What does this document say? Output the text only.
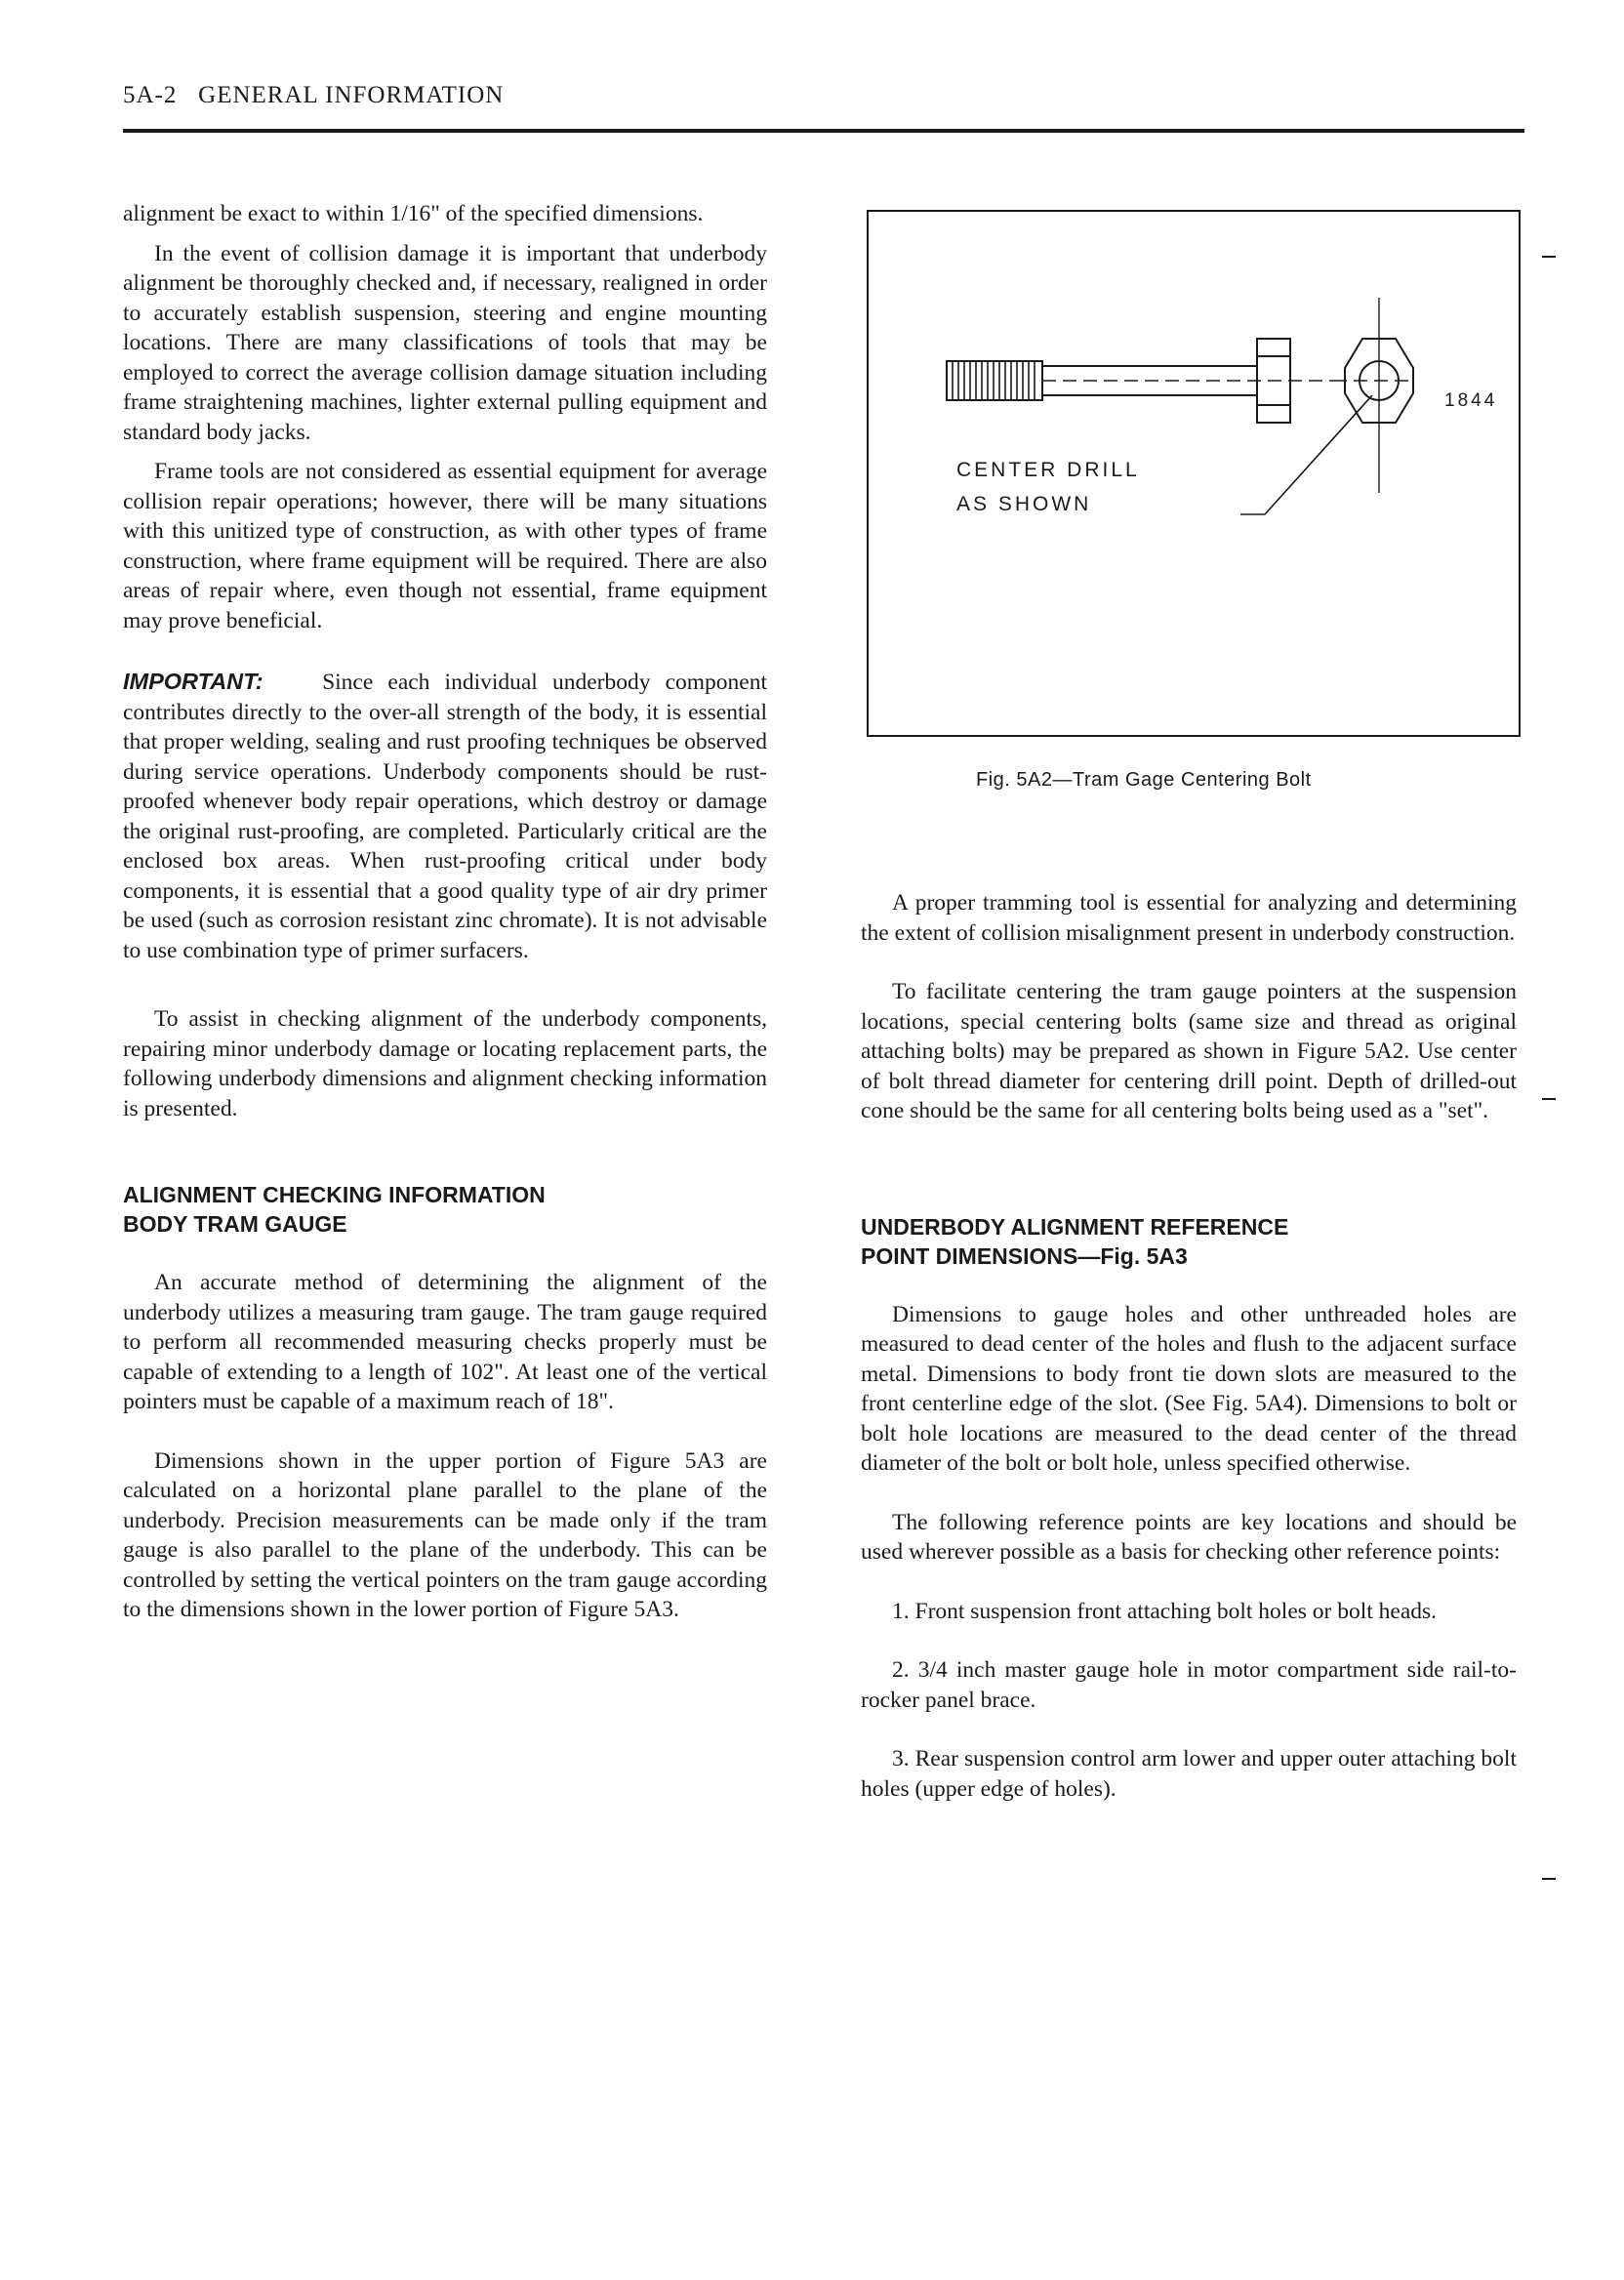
5A-2 GENERAL INFORMATION

alignment be exact to within 1/16" of the specified dimensions.

In the event of collision damage it is important that underbody alignment be thoroughly checked and, if necessary, realigned in order to accurately establish suspension, steering and engine mounting locations. There are many classifications of tools that may be employed to correct the average collision damage situation including frame straightening machines, lighter external pulling equipment and standard body jacks.

Frame tools are not considered as essential equipment for average collision repair operations; however, there will be many situations with this unitized type of construction, as with other types of frame construction, where frame equipment will be required. There are also areas of repair where, even though not essential, frame equipment may prove beneficial.

IMPORTANT:	Since each individual underbody component contributes directly to the over-all strength of the body, it is essential that proper welding, sealing and rust proofing techniques be observed during service operations. Underbody components should be rust-proofed whenever body repair operations, which destroy or damage the original rust-proofing, are completed. Particularly critical are the enclosed box areas. When rust-proofing critical under body components, it is essential that a good quality type of air dry primer be used (such as corrosion resistant zinc chromate). It is not advisable to use combination type of primer surfacers.

To assist in checking alignment of the underbody components, repairing minor underbody damage or locating replacement parts, the following underbody dimensions and alignment checking information is presented.

ALIGNMENT CHECKING INFORMATION
BODY TRAM GAUGE

An accurate method of determining the alignment of the underbody utilizes a measuring tram gauge. The tram gauge required to perform all recommended measuring checks properly must be capable of extending to a length of 102". At least one of the vertical pointers must be capable of a maximum reach of 18".

Dimensions shown in the upper portion of Figure 5A3 are calculated on a horizontal plane parallel to the plane of the underbody. Precision measurements can be made only if the tram gauge is also parallel to the plane of the underbody. This can be controlled by setting the vertical pointers on the tram gauge according to the dimensions shown in the lower portion of Figure 5A3.

CENTER DRILL
AS SHOWN
1844
Fig. 5A2—Tram Gage Centering Bolt

A proper tramming tool is essential for analyzing and determining the extent of collision misalignment present in underbody construction.

To facilitate centering the tram gauge pointers at the suspension locations, special centering bolts (same size and thread as original attaching bolts) may be prepared as shown in Figure 5A2. Use center of bolt thread diameter for centering drill point. Depth of drilled-out cone should be the same for all centering bolts being used as a "set".

UNDERBODY ALIGNMENT REFERENCE
POINT DIMENSIONS—Fig. 5A3

Dimensions to gauge holes and other unthreaded holes are measured to dead center of the holes and flush to the adjacent surface metal. Dimensions to body front tie down slots are measured to the front centerline edge of the slot. (See Fig. 5A4). Dimensions to bolt or bolt hole locations are measured to the dead center of the thread diameter of the bolt or bolt hole, unless specified otherwise.

The following reference points are key locations and should be used wherever possible as a basis for checking other reference points:

1. Front suspension front attaching bolt holes or bolt heads.

2. 3/4 inch master gauge hole in motor compartment side rail-to-rocker panel brace.

3. Rear suspension control arm lower and upper outer attaching bolt holes (upper edge of holes).
